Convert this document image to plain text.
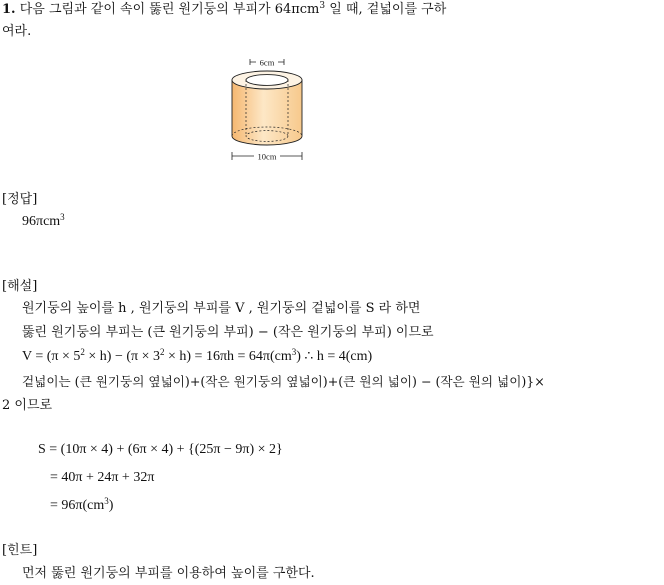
1. 다음 그림과 같이 속이 뚫린 원기둥의 부피가 64πcm$^3$ 일 때, 겉넓이를 구하
여라.
6cm
10cm
[정답]
96πcm$^3$
[해설]
원기둥의 높이를 h , 원기둥의 부피를 V , 원기둥의 겉넓이를 S 라 하면
뚫린 원기둥의 부피는 (큰 원기둥의 부피) − (작은 원기둥의 부피) 이므로
$V = (\pi \times 5^2 \times h) - (\pi \times 3^2 \times h) = 16\pi h = 64\pi(cm^3)$ ∴ h = 4(cm)
겉넓이는 (큰 원기둥의 옆넓이)+(작은 원기둥의 옆넓이)+(큰 원의 넓이) − (작은 원의 넓이)}×
2 이므로
S = (10π × 4) + (6π × 4) + {(25π − 9π) × 2}
= 40π + 24π + 32π
= $96\pi(cm^3)$
[힌트]
먼저 뚫린 원기둥의 부피를 이용하여 높이를 구한다.
